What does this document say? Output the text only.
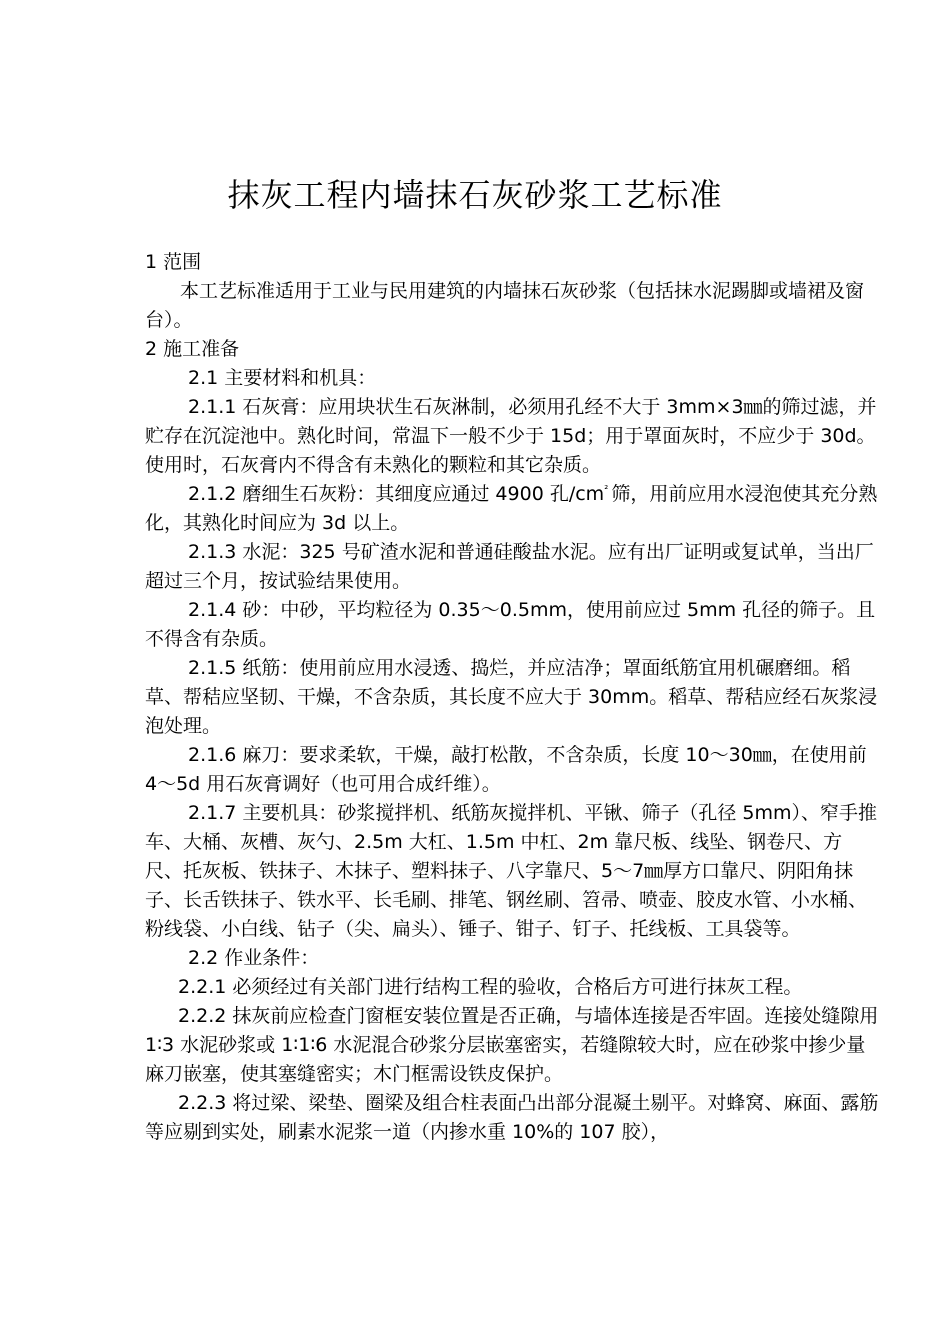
抹灰工程内墙抹石灰砂浆工艺标准

1 范围

本工艺标准适用于工业与民用建筑的内墙抹石灰砂浆（包括抹水泥踢脚或墙裙及窗台）。

2 施工准备

2.1 主要材料和机具：

2.1.1 石灰膏：应用块状生石灰淋制，必须用孔经不大于 3mm×3㎜的筛过滤，并贮存在沉淀池中。熟化时间，常温下一般不少于 15d；用于罩面灰时，不应少于 30d。使用时，石灰膏内不得含有未熟化的颗粒和其它杂质。

2.1.2 磨细生石灰粉：其细度应通过 4900 孔$/cm^{^2}$ 筛，用前应用水浸泡使其充分熟化，其熟化时间应为 3d 以上。

2.1.3 水泥：325 号矿渣水泥和普通硅酸盐水泥。应有出厂证明或复试单，当出厂超过三个月，按试验结果使用。

2.1.4 砂：中砂，平均粒径为 0.35～0.5mm，使用前应过 5mm 孔径的筛子。且不得含有杂质。

2.1.5 纸筋：使用前应用水浸透、捣烂，并应洁净；罩面纸筋宜用机碾磨细。稻草、帮秸应坚韧、干燥，不含杂质，其长度不应大于 30mm。稻草、帮秸应经石灰浆浸泡处理。

2.1.6 麻刀：要求柔软，干燥，敲打松散，不含杂质，长度 10～30㎜，在使用前 4～5d 用石灰膏调好（也可用合成纤维）。

2.1.7 主要机具：砂浆搅拌机、纸筋灰搅拌机、平锹、筛子（孔径 5mm）、窄手推车、大桶、灰槽、灰勺、2.5m 大杠、1.5m 中杠、2m 靠尺板、线坠、钢卷尺、方尺、托灰板、铁抹子、木抹子、塑料抹子、八字靠尺、5～7㎜厚方口靠尺、阴阳角抹子、长舌铁抹子、铁水平、长毛刷、排笔、钢丝刷、笤帚、喷壶、胶皮水管、小水桶、粉线袋、小白线、钻子（尖、扁头）、锤子、钳子、钉子、托线板、工具袋等。

2.2 作业条件：

2.2.1 必须经过有关部门进行结构工程的验收，合格后方可进行抹灰工程。

2.2.2 抹灰前应检查门窗框安装位置是否正确，与墙体连接是否牢固。连接处缝隙用 1∶3 水泥砂浆或 1∶1∶6 水泥混合砂浆分层嵌塞密实，若缝隙较大时，应在砂浆中掺少量麻刀嵌塞，使其塞缝密实；木门框需设铁皮保护。

2.2.3 将过梁、梁垫、圈梁及组合柱表面凸出部分混凝土剔平。对蜂窝、麻面、露筋等应剔到实处，刷素水泥浆一道（内掺水重 10%的 107 胶），
